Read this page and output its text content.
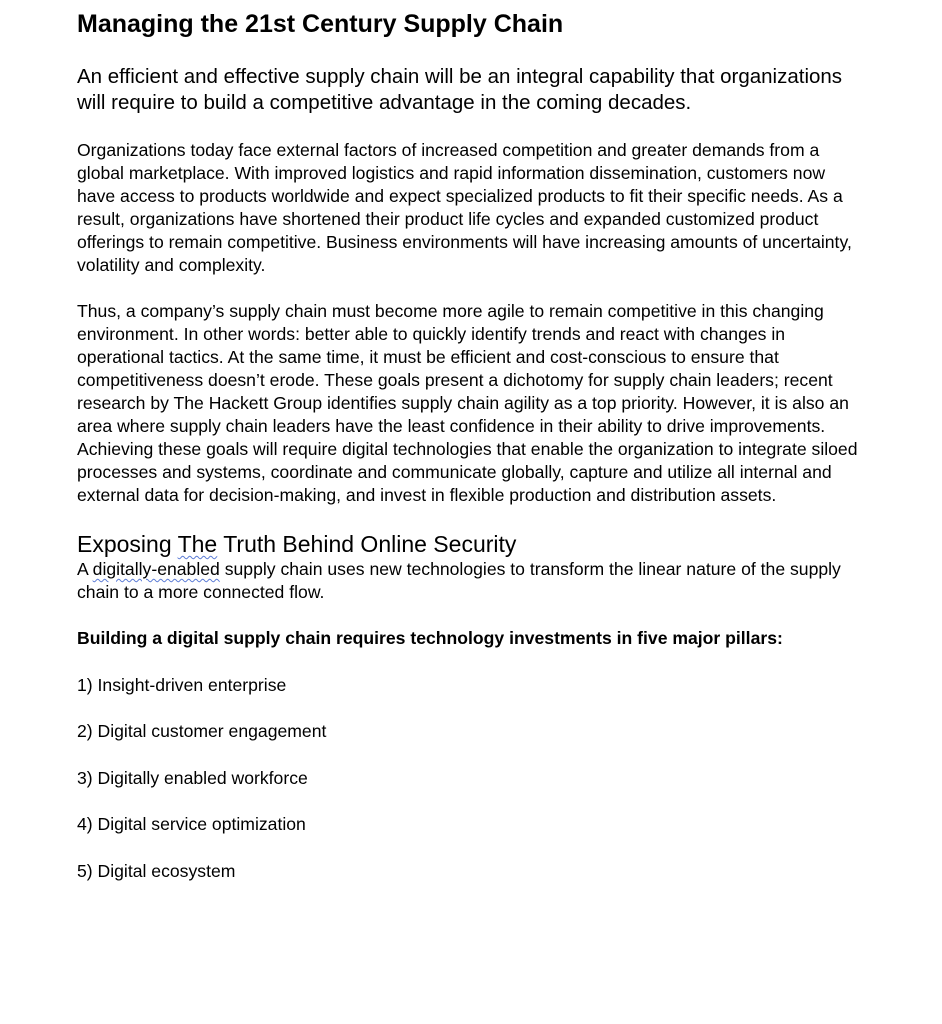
Managing the 21st Century Supply Chain

An efficient and effective supply chain will be an integral capability that organizations will require to build a competitive advantage in the coming decades.

Organizations today face external factors of increased competition and greater demands from a global marketplace. With improved logistics and rapid information dissemination, customers now have access to products worldwide and expect specialized products to fit their specific needs. As a result, organizations have shortened their product life cycles and expanded customized product offerings to remain competitive. Business environments will have increasing amounts of uncertainty, volatility and complexity.

Thus, a company’s supply chain must become more agile to remain competitive in this changing environment. In other words: better able to quickly identify trends and react with changes in operational tactics. At the same time, it must be efficient and cost-conscious to ensure that competitiveness doesn’t erode. These goals present a dichotomy for supply chain leaders; recent research by The Hackett Group identifies supply chain agility as a top priority. However, it is also an area where supply chain leaders have the least confidence in their ability to drive improvements. Achieving these goals will require digital technologies that enable the organization to integrate siloed processes and systems, coordinate and communicate globally, capture and utilize all internal and external data for decision-making, and invest in flexible production and distribution assets.

Exposing The Truth Behind Online Security

A digitally-enabled supply chain uses new technologies to transform the linear nature of the supply chain to a more connected flow.

Building a digital supply chain requires technology investments in five major pillars:

1) Insight-driven enterprise
2) Digital customer engagement
3) Digitally enabled workforce
4) Digital service optimization
5) Digital ecosystem
